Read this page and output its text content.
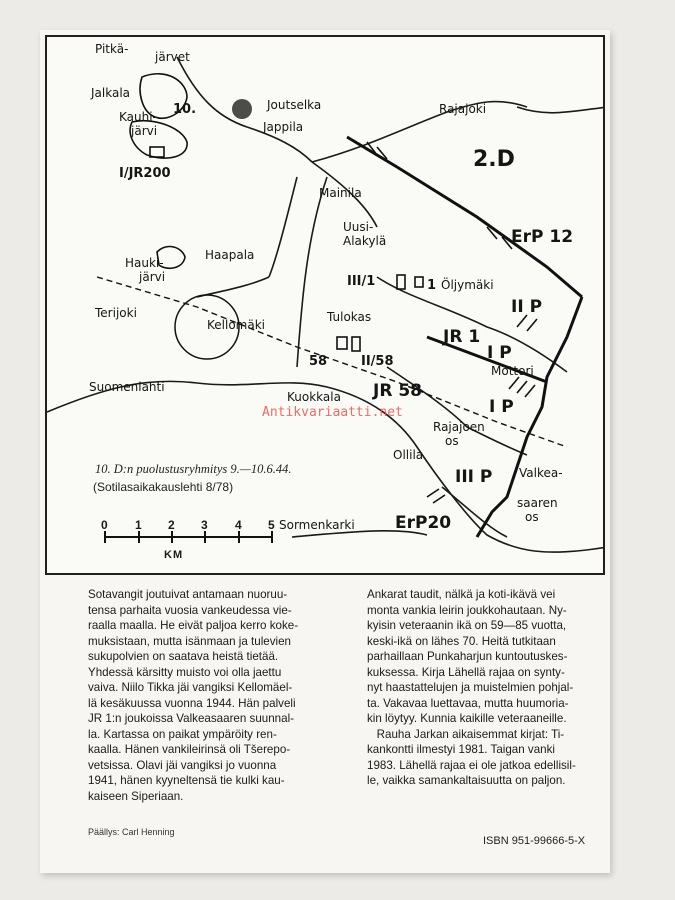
Pitkä-
järvet
Jalkala
10.
Kauhi-
järvi
I/JR200
Joutselka
Jappila
Rajajoki
2.D
Mainila
Uusi-
Alakylä	ErP 12
Hauki-
järvi
Haapala
III/1	1 Öljymäki
II P
Terijoki
Kellomäki
Tulokas
JR 1
I P
Mottori
58	II/58
Suomenlahti
Kuokkala JR 58
I P
Rajajoen
os
Ollila
III P Valkea-
saaren
os
Sormenkarki ErP20
Antikvariaatti.net
10. D:n puolustusryhmitys 9.—10.6.44.
(Sotilasaikakauslehti 8/78)
0 1 2 3 4 5
KM

Sotavangit joutuivat antamaan nuoruu-

tensa parhaita vuosia vankeudessa vie-

raalla maalla. He eivät paljoa kerro koke-

muksistaan, mutta isänmaan ja tulevien

sukupolvien on saatava heistä tietää.

Yhdessä kärsitty muisto voi olla jaettu

vaiva. Niilo Tikka jäi vangiksi Kellomäel-

lä kesäkuussa vuonna 1944. Hän palveli

JR 1:n joukoissa Valkeasaaren suunnal-

la. Kartassa on paikat ympäröity ren-

kaalla. Hänen vankileirinsä oli Tšerepo-

vetsissa. Olavi jäi vangiksi jo vuonna

1941, hänen kyyneltensä tie kulki kau-

kaiseen Siperiaan.

Ankarat taudit, nälkä ja koti-ikävä vei

monta vankia leirin joukkohautaan. Ny-

kyisin veteraanin ikä on 59—85 vuotta,

keski-ikä on lähes 70. Heitä tutkitaan

parhaillaan Punkaharjun kuntoutuskes-

kuksessa. Kirja Lähellä rajaa on synty-

nyt haastattelujen ja muistelmien pohjal-

ta. Vakavaa luettavaa, mutta huumoria-

kin löytyy. Kunnia kaikille veteraaneille.

Rauha Jarkan aikaisemmat kirjat: Ti-

kankontti ilmestyi 1981. Taigan vanki

1983. Lähellä rajaa ei ole jatkoa edellisil-

le, vaikka samankaltaisuutta on paljon.

Päällys: Carl Henning
ISBN 951-99666-5-X
